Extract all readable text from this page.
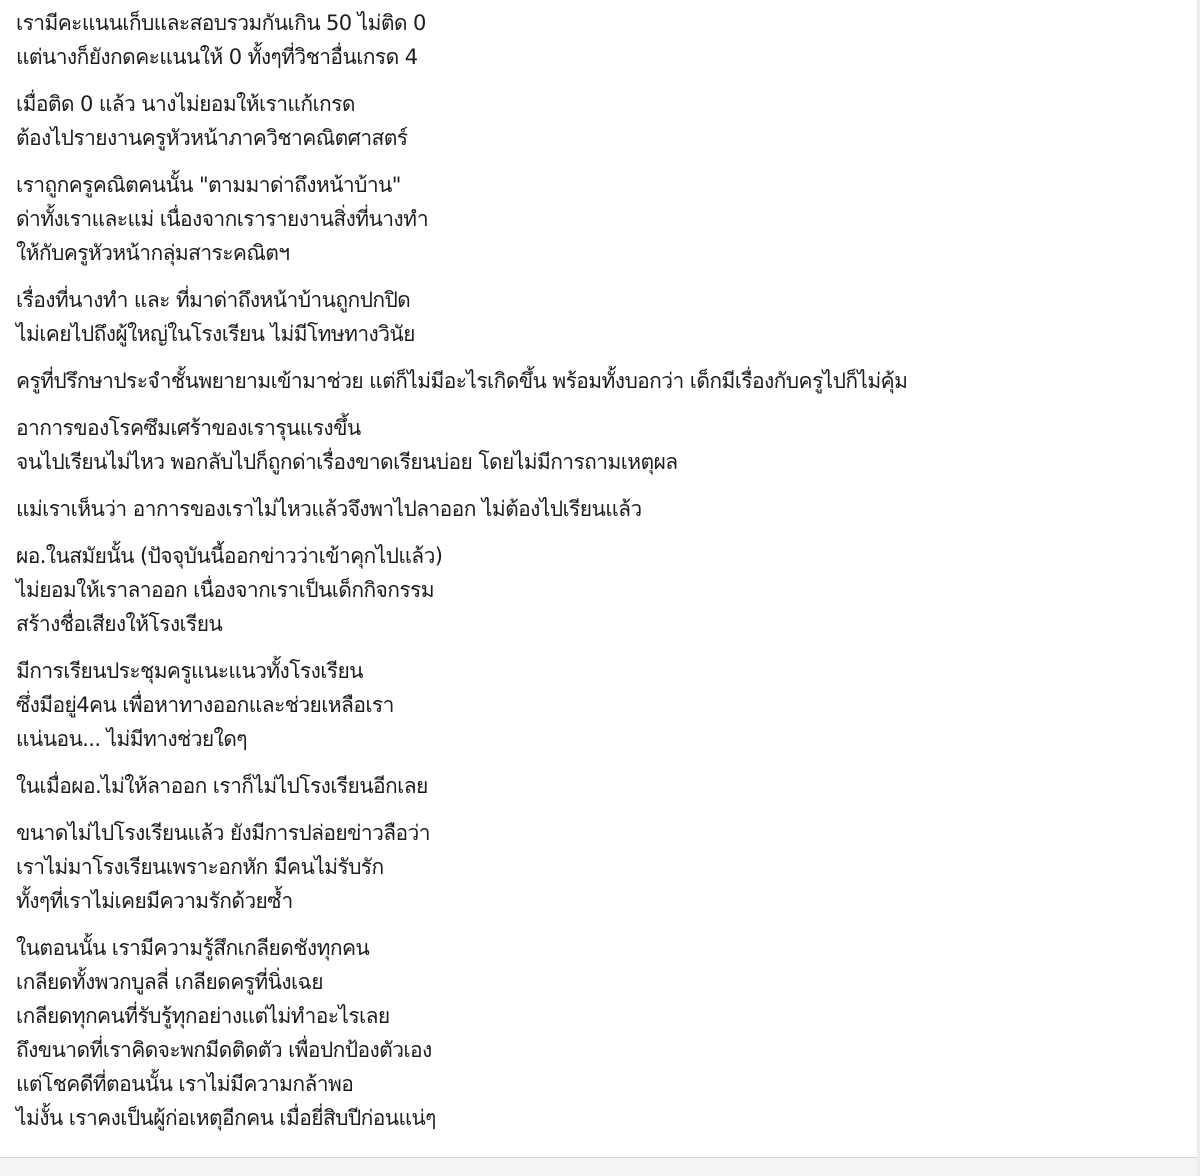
เรามีคะแนนเก็บและสอบรวมกันเกิน 50 ไม่ติด 0
แต่นางก็ยังกดคะแนนให้ 0 ทั้งๆที่วิชาอื่นเกรด 4
เมื่อติด 0 แล้ว นางไม่ยอมให้เราแก้เกรด
ต้องไปรายงานครูหัวหน้าภาควิชาคณิตศาสตร์
เราถูกครูคณิตคนนั้น "ตามมาด่าถึงหน้าบ้าน"
ด่าทั้งเราและแม่ เนื่องจากเรารายงานสิ่งที่นางทำ
ให้กับครูหัวหน้ากลุ่มสาระคณิตฯ
เรื่องที่นางทำ และ ที่มาด่าถึงหน้าบ้านถูกปกปิด
ไม่เคยไปถึงผู้ใหญ่ในโรงเรียน ไม่มีโทษทางวินัย
ครูที่ปรึกษาประจำชั้นพยายามเข้ามาช่วย แต่ก็ไม่มีอะไรเกิดขึ้น พร้อมทั้งบอกว่า เด็กมีเรื่องกับครูไปก็ไม่คุ้ม
อาการของโรคซึมเศร้าของเรารุนแรงขึ้น
จนไปเรียนไม่ไหว พอกลับไปก็ถูกด่าเรื่องขาดเรียนบ่อย โดยไม่มีการถามเหตุผล
แม่เราเห็นว่า อาการของเราไม่ไหวแล้วจึงพาไปลาออก ไม่ต้องไปเรียนแล้ว
ผอ.ในสมัยนั้น (ปัจจุบันนี้ออกข่าวว่าเข้าคุกไปแล้ว)
ไม่ยอมให้เราลาออก เนื่องจากเราเป็นเด็กกิจกรรม
สร้างชื่อเสียงให้โรงเรียน
มีการเรียนประชุมครูแนะแนวทั้งโรงเรียน
ซึ่งมีอยู่4คน เพื่อหาทางออกและช่วยเหลือเรา
แน่นอน... ไม่มีทางช่วยใดๆ
ในเมื่อผอ.ไม่ให้ลาออก เราก็ไม่ไปโรงเรียนอีกเลย
ขนาดไม่ไปโรงเรียนแล้ว ยังมีการปล่อยข่าวลือว่า
เราไม่มาโรงเรียนเพราะอกหัก มีคนไม่รับรัก
ทั้งๆที่เราไม่เคยมีความรักด้วยซ้ำ
ในตอนนั้น เรามีความรู้สึกเกลียดชังทุกคน
เกลียดทั้งพวกบูลลี่ เกลียดครูที่นิ่งเฉย
เกลียดทุกคนที่รับรู้ทุกอย่างแต่ไม่ทำอะไรเลย
ถึงขนาดที่เราคิดจะพกมีดติดตัว เพื่อปกป้องตัวเอง
แต่โชคดีที่ตอนนั้น เราไม่มีความกล้าพอ
ไม่งั้น เราคงเป็นผู้ก่อเหตุอีกคน เมื่อยี่สิบปีก่อนแน่ๆ
